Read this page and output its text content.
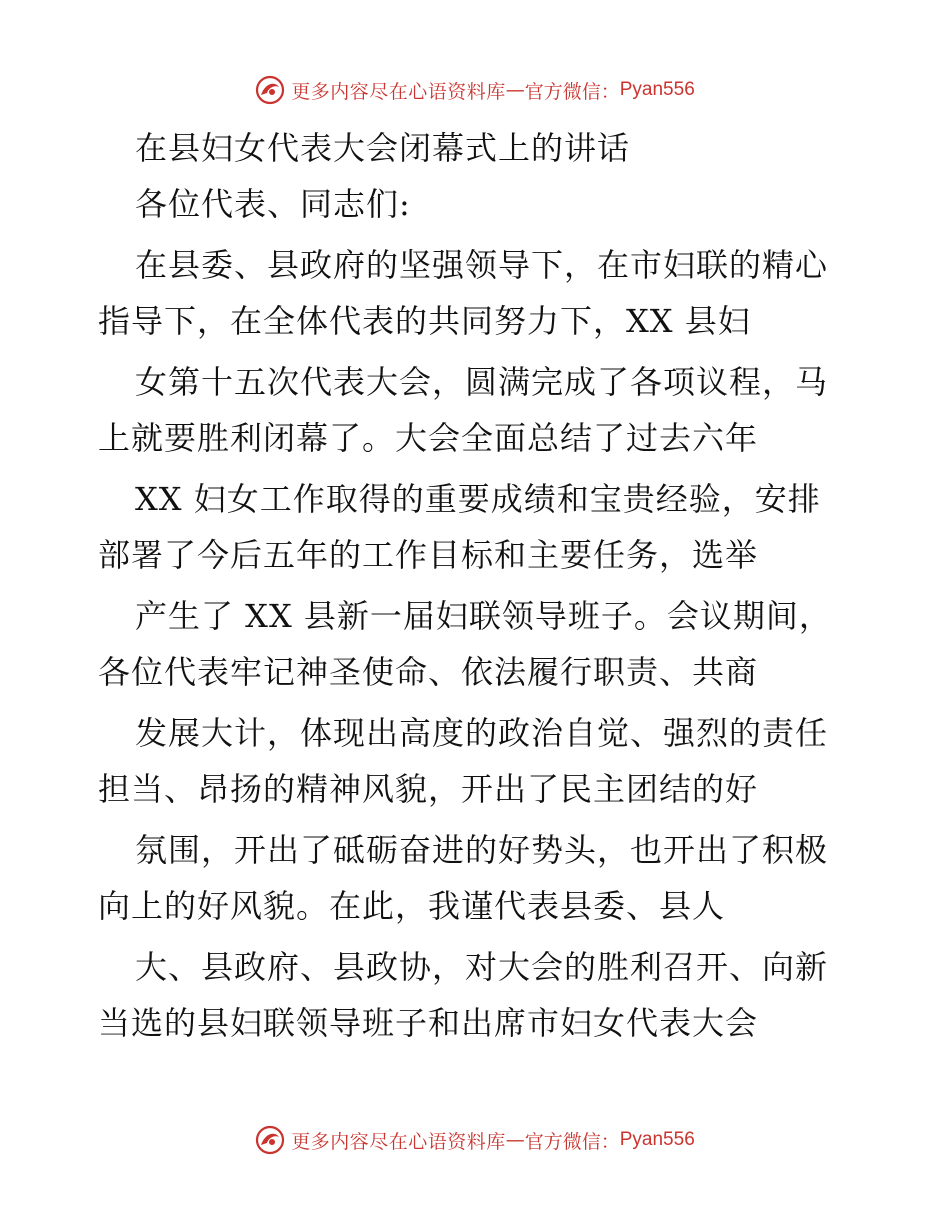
更多内容尽在心语资料库 — 官方微信： Pyan556
在县妇女代表大会闭幕式上的讲话
各位代表、同志们:
在县委、县政府的坚强领导下，在市妇联的精心
指导下，在全体代表的共同努力下，XX 县妇
女第十五次代表大会，圆满完成了各项议程，马
上就要胜利闭幕了。大会全面总结了过去六年
XX 妇女工作取得的重要成绩和宝贵经验，安排
部署了今后五年的工作目标和主要任务，选举
产生了 XX 县新一届妇联领导班子。会议期间，
各位代表牢记神圣使命、依法履行职责、共商
发展大计，体现出高度的政治自觉、强烈的责任
担当、昂扬的精神风貌，开出了民主团结的好
氛围，开出了砥砺奋进的好势头，也开出了积极
向上的好风貌。在此，我谨代表县委、县人
大、县政府、县政协，对大会的胜利召开、向新
当选的县妇联领导班子和出席市妇女代表大会
更多内容尽在心语资料库 — 官方微信： Pyan556
